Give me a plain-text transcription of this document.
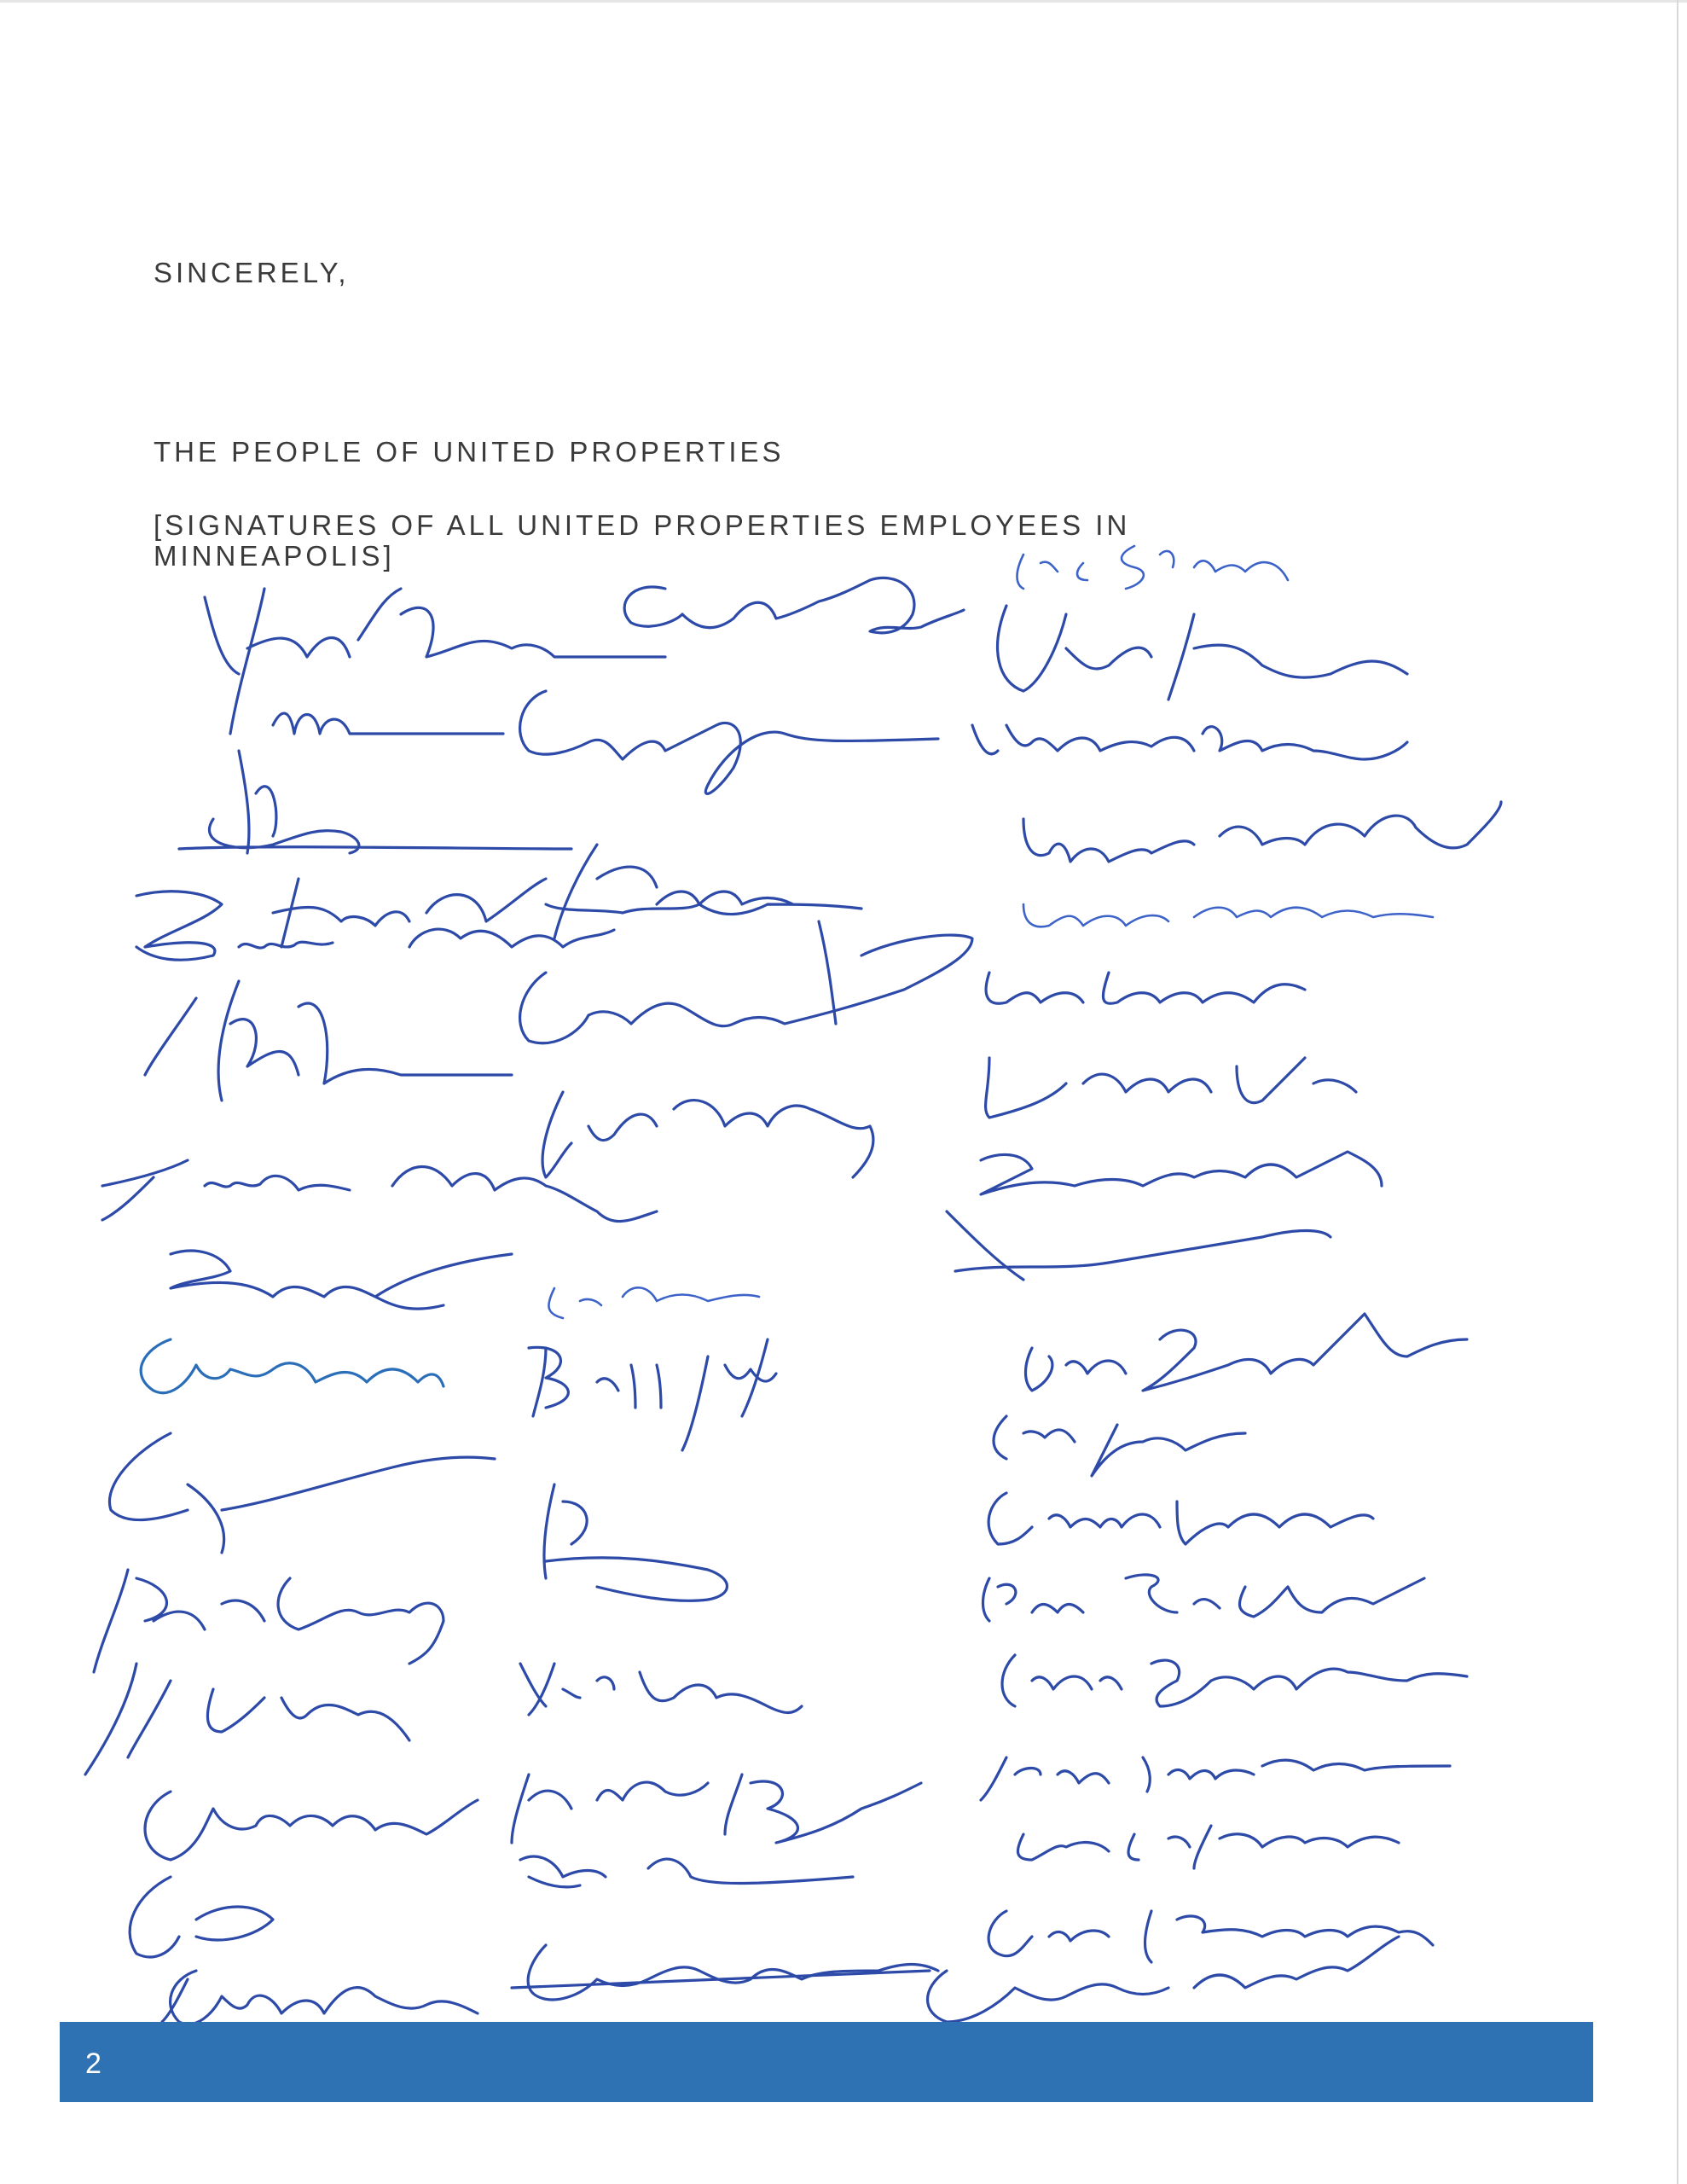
SINCERELY,
THE PEOPLE OF UNITED PROPERTIES
[SIGNATURES OF ALL UNITED PROPERTIES EMPLOYEES IN
MINNEAPOLIS]
2
